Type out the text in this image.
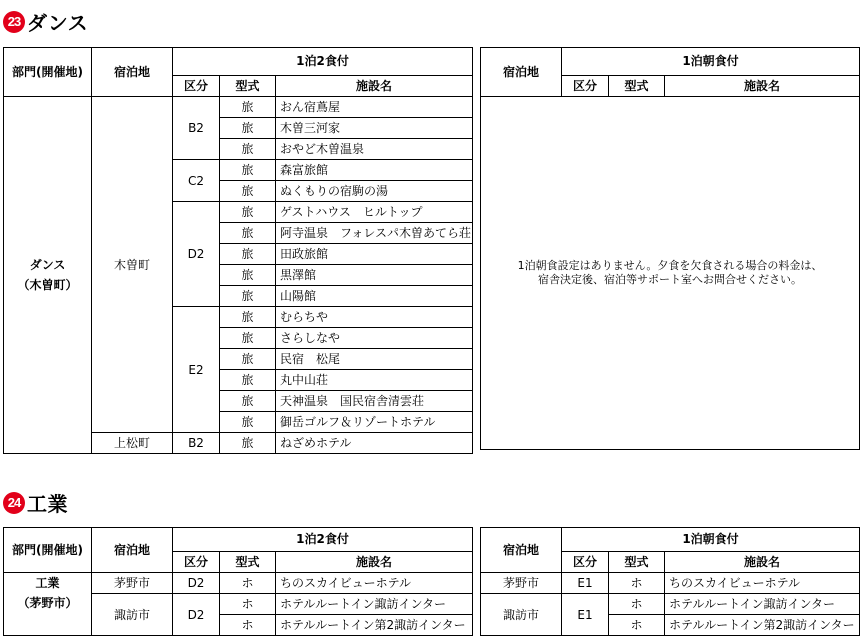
23 ダンス
部門(開催地)	宿泊地	1泊2食付		
		区分	型式	施設名

ダンス
（木曽町）	木曽町	B2	旅	おん宿蔦屋
			旅	木曽三河家
			旅	おやど木曽温泉
		C2	旅	森富旅館
			旅	ぬくもりの宿駒の湯
		D2	旅	ゲストハウス　ヒルトップ
			旅	阿寺温泉　フォレスパ木曽あてら荘
			旅	田政旅館
			旅	黒澤館
			旅	山陽館
		E2	旅	むらちや
			旅	さらしなや
			旅	民宿　松尾
			旅	丸中山荘
			旅	天神温泉　国民宿舎清雲荘
			旅	御岳ゴルフ＆リゾートホテル
	上松町	B2	旅	ねざめホテル
宿泊地	1泊朝食付		
	区分	型式	施設名

1泊朝食設定はありません。夕食を欠食される場合の料金は、
宿舎決定後、宿泊等サポート室へお問合せください。			
24 工業
部門(開催地)	宿泊地	1泊2食付		
		区分	型式	施設名

工業
（茅野市）	茅野市	D2	ホ	ちのスカイビューホテル
	諏訪市	D2	ホ	ホテルルートイン諏訪インター
			ホ	ホテルルートイン第2諏訪インター
宿泊地	1泊朝食付		
	区分	型式	施設名
茅野市	E1	ホ	ちのスカイビューホテル
諏訪市	E1	ホ	ホテルルートイン諏訪インター
		ホ	ホテルルートイン第2諏訪インター
